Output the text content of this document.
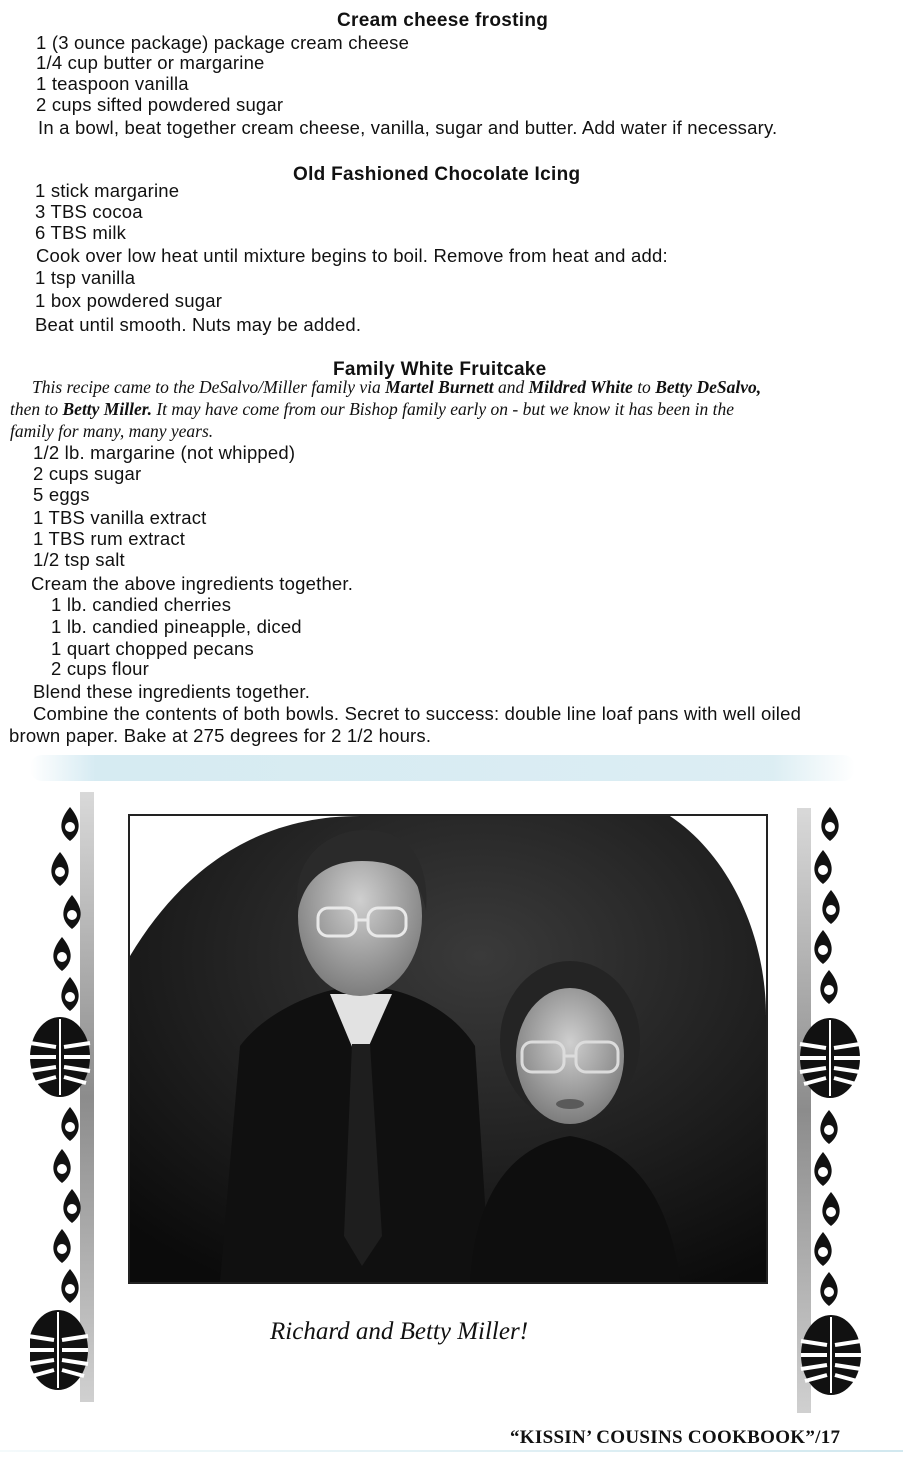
Cream cheese frosting
1 (3 ounce package) package cream cheese
1/4 cup butter or margarine
1 teaspoon vanilla
2 cups sifted powdered sugar
In a bowl, beat together cream cheese, vanilla, sugar and butter. Add water if necessary.
Old Fashioned Chocolate Icing
1 stick margarine
3 TBS cocoa
6 TBS milk
Cook over low heat until mixture begins to boil. Remove from heat and add:
1 tsp vanilla
1 box powdered sugar
Beat until smooth. Nuts may be added.
Family White Fruitcake
This recipe came to the DeSalvo/Miller family via Martel Burnett and Mildred White to Betty DeSalvo,
then to Betty Miller. It may have come from our Bishop family early on - but we know it has been in the
family for many, many years.
1/2 lb. margarine (not whipped)
2 cups sugar
5 eggs
1 TBS vanilla extract
1 TBS rum extract
1/2 tsp salt
Cream the above ingredients together.
1 lb. candied cherries
1 lb. candied pineapple, diced
1 quart chopped pecans
2 cups flour
Blend these ingredients together.
Combine the contents of both bowls. Secret to success: double line loaf pans with well oiled
brown paper. Bake at 275 degrees for 2 1/2 hours.
Richard and Betty Miller!
“KISSIN’ COUSINS COOKBOOK”/17
